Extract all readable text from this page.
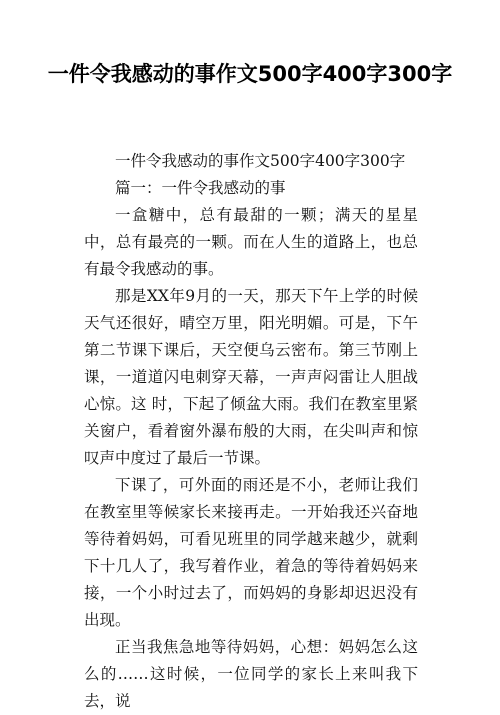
一件令我感动的事作文500字400字300字

一件令我感动的事作文500字400字300字

篇一：一件令我感动的事

一盒糖中，总有最甜的一颗；满天的星星中，总有最亮的一颗。而在人生的道路上，也总有最令我感动的事。

那是XX年9月的一天，那天下午上学的时候天气还很好，晴空万里，阳光明媚。可是，下午第二节课下课后，天空便乌云密布。第三节刚上课，一道道闪电刺穿天幕，一声声闷雷让人胆战心惊。这 时，下起了倾盆大雨。我们在教室里紧关窗户，看着窗外瀑布般的大雨，在尖叫声和惊叹声中度过了最后一节课。

下课了，可外面的雨还是不小，老师让我们在教室里等候家长来接再走。一开始我还兴奋地等待着妈妈，可看见班里的同学越来越少，就剩下十几人了，我写着作业，着急的等待着妈妈来接，一个小时过去了，而妈妈的身影却迟迟没有出现。

正当我焦急地等待妈妈，心想：妈妈怎么这么的……这时候，一位同学的家长上来叫我下去，说
